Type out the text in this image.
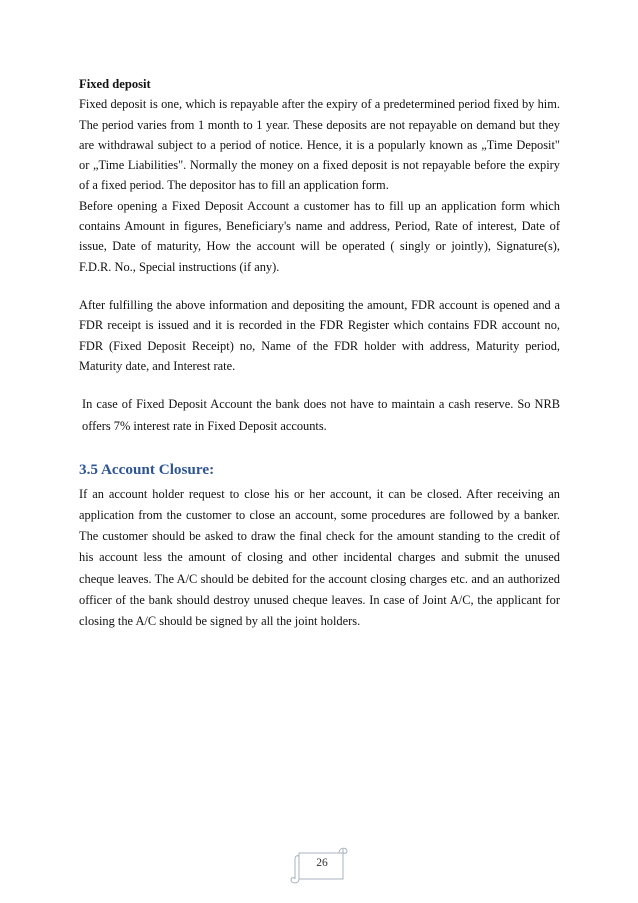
Fixed deposit

Fixed deposit is one, which is repayable after the expiry of a predetermined period fixed by him. The period varies from 1 month to 1 year. These deposits are not repayable on demand but they are withdrawal subject to a period of notice. Hence, it is a popularly known as „Time Deposit" or „Time Liabilities". Normally the money on a fixed deposit is not repayable before the expiry of a fixed period. The depositor has to fill an application form.

Before opening a Fixed Deposit Account a customer has to fill up an application form which contains Amount in figures, Beneficiary's name and address, Period, Rate of interest, Date of issue, Date of maturity, How the account will be operated ( singly or jointly), Signature(s), F.D.R. No., Special instructions (if any).

After fulfilling the above information and depositing the amount, FDR account is opened and a FDR receipt is issued and it is recorded in the FDR Register which contains FDR account no, FDR (Fixed Deposit Receipt) no, Name of the FDR holder with address, Maturity period, Maturity date, and Interest rate.

In case of Fixed Deposit Account the bank does not have to maintain a cash reserve. So NRB offers 7% interest rate in Fixed Deposit accounts.

3.5 Account Closure:

If an account holder request to close his or her account, it can be closed. After receiving an application from the customer to close an account, some procedures are followed by a banker. The customer should be asked to draw the final check for the amount standing to the credit of his account less the amount of closing and other incidental charges and submit the unused cheque leaves. The A/C should be debited for the account closing charges etc. and an authorized officer of the bank should destroy unused cheque leaves. In case of Joint A/C, the applicant for closing the A/C should be signed by all the joint holders.

26
